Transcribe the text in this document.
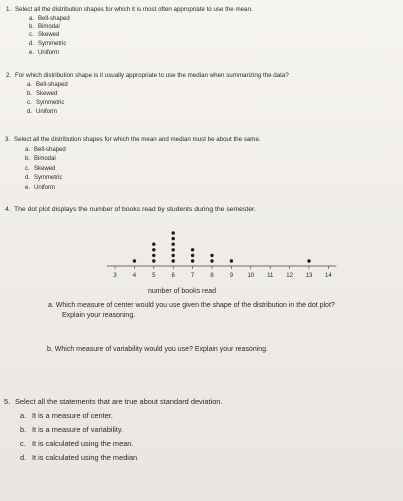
1. Select all the distribution shapes for which it is most often appropriate to use the mean.
a. Bell-shaped
b. Bimodal
c. Skewed
d. Symmetric
e. Uniform
2. For which distribution shape is it usually appropriate to use the median when summarizing the data?
a. Bell-shaped
b. Skewed
c. Symmetric
d. Uniform
3. Select all the distribution shapes for which the mean and median must be about the same.
a. Bell-shaped
b. Bimodal
c. Skewed
d. Symmetric
e. Uniform
4. The dot plot displays the number of books read by students during the semester.
3	4	5	6	7	8	9 10 11 12 13 14
number of books read
a. Which measure of center would you use given the shape of the distribution in the dot plot?
Explain your reasoning.
b. Which measure of variability would you use? Explain your reasoning.
5. Select all the statements that are true about standard deviation.
a. It is a measure of center.
b. It is a measure of variability.
c. It is calculated using the mean.
d. It is calculated using the median
